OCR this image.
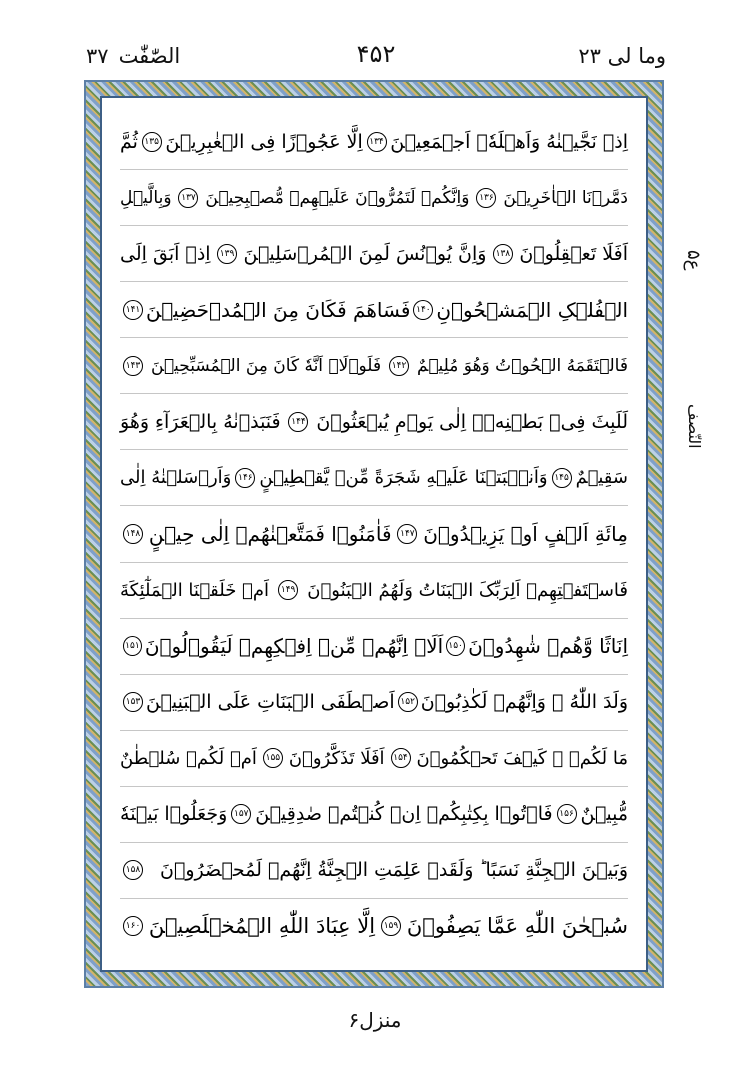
وما لی ۲۳
۴۵۲
الصّٰفّٰت
۳۷
اِذۡ نَجَّیۡنٰهُ وَاَهۡلَهٗۤ اَجۡمَعِیۡنَ
۱۳۴
اِلَّا عَجُوۡزًا فِی الۡغٰبِرِیۡنَ
۱۳۵
ثُمَّ
دَمَّرۡنَا الۡاٰخَرِیۡنَ
۱۳۶
وَاِنَّکُمۡ لَتَمُرُّوۡنَ عَلَیۡهِمۡ مُّصۡبِحِیۡنَ
۱۳۷
وَبِالَّیۡلِ
اَفَلَا تَعۡقِلُوۡنَ
۱۳۸
وَاِنَّ یُوۡنُسَ لَمِنَ الۡمُرۡسَلِیۡنَ
۱۳۹
اِذۡ اَبَقَ اِلَی
الۡفُلۡکِ الۡمَشۡحُوۡنِ
۱۴۰
فَسَاهَمَ فَکَانَ مِنَ الۡمُدۡحَضِیۡنَ
۱۴۱
فَالۡتَقَمَهُ الۡحُوۡتُ وَهُوَ مُلِیۡمٌ
۱۴۲
فَلَوۡلَاۤ اَنَّهٗ کَانَ مِنَ الۡمُسَبِّحِیۡنَ
۱۴۳
لَلَبِثَ فِیۡ بَطۡنِهٖۤ اِلٰی یَوۡمِ یُبۡعَثُوۡنَ
۱۴۴
فَنَبَذۡنٰهُ بِالۡعَرَآءِ وَهُوَ
سَقِیۡمٌ
۱۴۵
وَاَنۡۢبَتۡنَا عَلَیۡهِ شَجَرَةً مِّنۡ یَّقۡطِیۡنٍ
۱۴۶
وَاَرۡسَلۡنٰهُ اِلٰی
مِائَةِ اَلۡفٍ اَوۡ یَزِیۡدُوۡنَ
۱۴۷
فَاٰمَنُوۡا فَمَتَّعۡنٰهُمۡ اِلٰی حِیۡنٍ
۱۴۸
فَاسۡتَفۡتِهِمۡ اَلِرَبِّکَ الۡبَنَاتُ وَلَهُمُ الۡبَنُوۡنَ
۱۴۹
اَمۡ خَلَقۡنَا الۡمَلٰٓئِکَةَ
اِنَاثًا وَّهُمۡ شٰهِدُوۡنَ
۱۵۰
اَلَاۤ اِنَّهُمۡ مِّنۡ اِفۡکِهِمۡ لَیَقُوۡلُوۡنَ
۱۵۱
وَلَدَ اللّٰهُ ۙ وَاِنَّهُمۡ لَکٰذِبُوۡنَ
۱۵۲
اَصۡطَفَی الۡبَنَاتِ عَلَی الۡبَنِیۡنَ
۱۵۳
مَا لَکُمۡ ۟ کَیۡفَ تَحۡکُمُوۡنَ
۱۵۴
اَفَلَا تَذَکَّرُوۡنَ
۱۵۵
اَمۡ لَکُمۡ سُلۡطٰنٌ
مُّبِیۡنٌ
۱۵۶
فَاۡتُوۡا بِکِتٰبِکُمۡ اِنۡ کُنۡتُمۡ صٰدِقِیۡنَ
۱۵۷
وَجَعَلُوۡا بَیۡنَهٗ
وَبَیۡنَ الۡجِنَّةِ نَسَبًا ؕ وَلَقَدۡ عَلِمَتِ الۡجِنَّةُ اِنَّهُمۡ لَمُحۡضَرُوۡنَ
۱۵۸
سُبۡحٰنَ اللّٰهِ عَمَّا یَصِفُوۡنَ
۱۵۹
اِلَّا عِبَادَ اللّٰهِ الۡمُخۡلَصِیۡنَ
۱۶۰
ع۵
النّصف
منزل۶
